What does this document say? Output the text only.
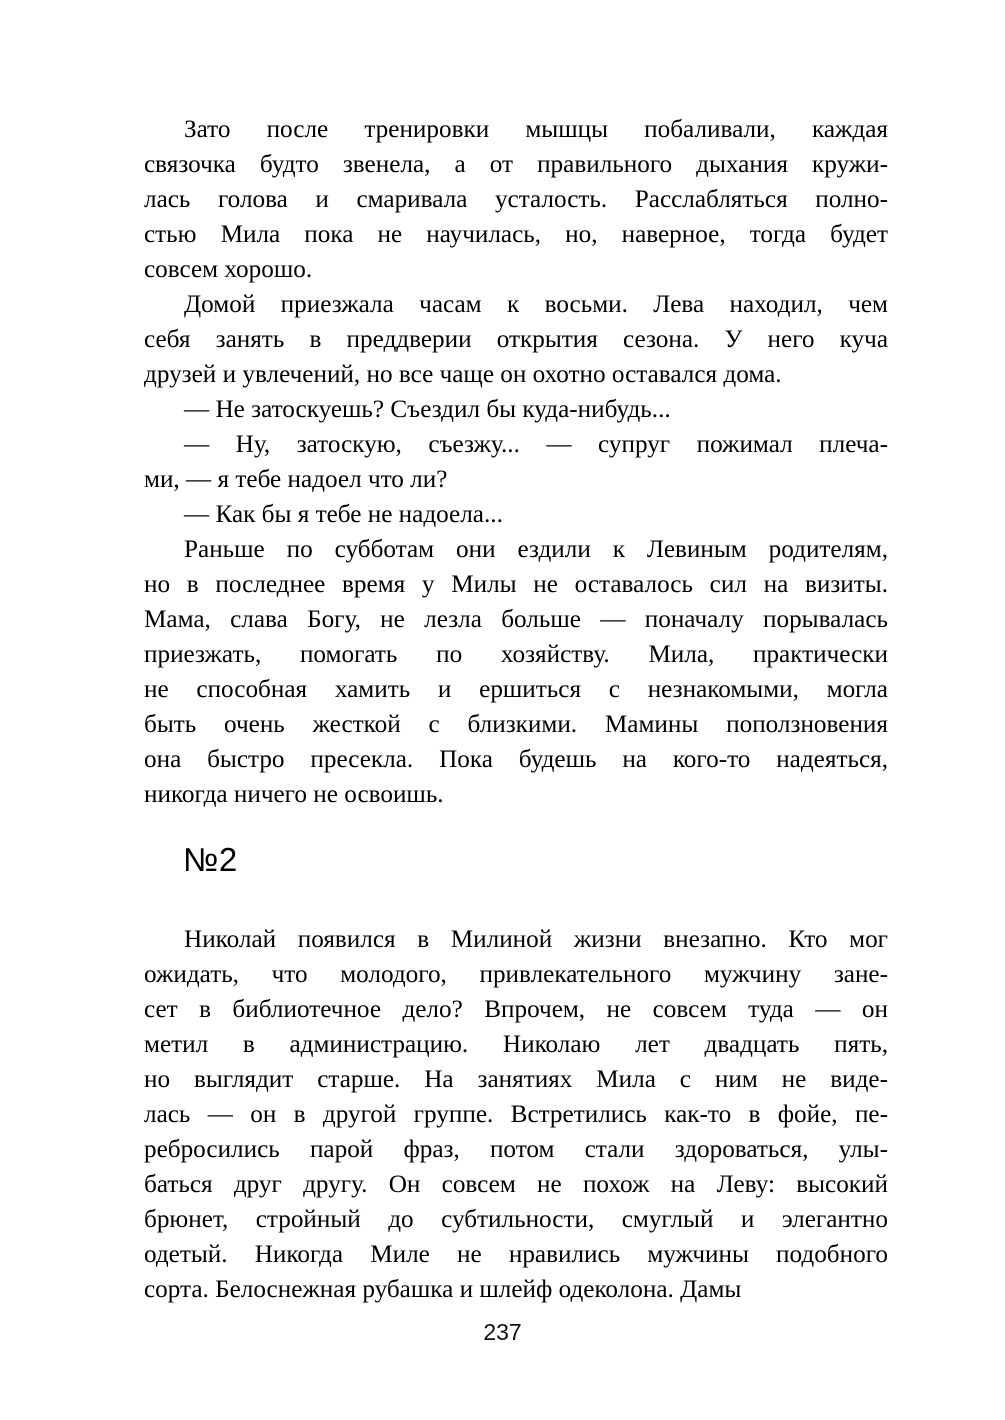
Зато после тренировки мышцы побаливали, каждая
связочка будто звенела, а от правильного дыхания кружи-
лась голова и смаривала усталость. Расслабляться полно-
стью Мила пока не научилась, но, наверное, тогда будет
совсем хорошо.

Домой приезжала часам к восьми. Лева находил, чем
себя занять в преддверии открытия сезона. У него куча
друзей и увлечений, но все чаще он охотно оставался дома.

— Не затоскуешь? Съездил бы куда-нибудь...

— Ну, затоскую, съезжу... — супруг пожимал плеча-
ми, — я тебе надоел что ли?

— Как бы я тебе не надоела...

Раньше по субботам они ездили к Левиным родителям,
но в последнее время у Милы не оставалось сил на визиты.
Мама, слава Богу, не лезла больше — поначалу порывалась
приезжать, помогать по хозяйству. Мила, практически
не способная хамить и ершиться с незнакомыми, могла
быть очень жесткой с близкими. Мамины поползновения
она быстро пресекла. Пока будешь на кого-то надеяться,
никогда ничего не освоишь.

№2

Николай появился в Милиной жизни внезапно. Кто мог
ожидать, что молодого, привлекательного мужчину зане-
сет в библиотечное дело? Впрочем, не совсем туда — он
метил в администрацию. Николаю лет двадцать пять,
но выглядит старше. На занятиях Мила с ним не виде-
лась — он в другой группе. Встретились как-то в фойе, пе-
ребросились парой фраз, потом стали здороваться, улы-
баться друг другу. Он совсем не похож на Леву: высокий
брюнет, стройный до субтильности, смуглый и элегантно
одетый. Никогда Миле не нравились мужчины подобного
сорта. Белоснежная рубашка и шлейф одеколона. Дамы

237
